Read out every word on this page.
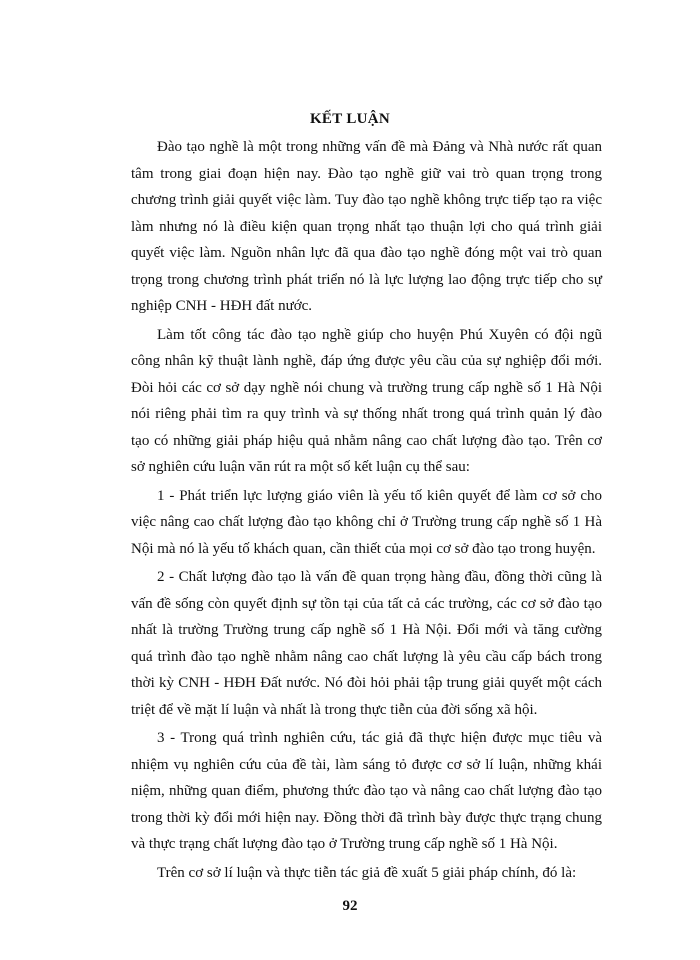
KẾT LUẬN

Đào tạo nghề là một trong những vấn đề mà Đảng và Nhà nước rất quan tâm trong giai đoạn hiện nay. Đào tạo nghề giữ vai trò quan trọng trong chương trình giải quyết việc làm. Tuy đào tạo nghề không trực tiếp tạo ra việc làm nhưng nó là điều kiện quan trọng nhất tạo thuận lợi cho quá trình giải quyết việc làm. Nguồn nhân lực đã qua đào tạo nghề đóng một vai trò quan trọng trong chương trình phát triển nó là lực lượng lao động trực tiếp cho sự nghiệp CNH - HĐH đất nước.

Làm tốt công tác đào tạo nghề giúp cho huyện Phú Xuyên có đội ngũ công nhân kỹ thuật lành nghề, đáp ứng được yêu cầu của sự nghiệp đổi mới. Đòi hỏi các cơ sở dạy nghề nói chung và trường trung cấp nghề số 1 Hà Nội nói riêng phải tìm ra quy trình và sự thống nhất trong quá trình quản lý đào tạo có những giải pháp hiệu quả nhằm nâng cao chất lượng đào tạo. Trên cơ sở nghiên cứu luận văn rút ra một số kết luận cụ thể sau:

1 - Phát triển lực lượng giáo viên là yếu tố kiên quyết để làm cơ sở cho việc nâng cao chất lượng đào tạo không chỉ ở Trường trung cấp nghề số 1 Hà Nội mà nó là yếu tố khách quan, cần thiết của mọi cơ sở đào tạo trong huyện.

2 - Chất lượng đào tạo là vấn đề quan trọng hàng đầu, đồng thời cũng là vấn đề sống còn quyết định sự tồn tại của tất cả các trường, các cơ sở đào tạo nhất là trường Trường trung cấp nghề số 1 Hà Nội. Đổi mới và tăng cường quá trình đào tạo nghề nhằm nâng cao chất lượng là yêu cầu cấp bách trong thời kỳ CNH - HĐH Đất nước. Nó đòi hỏi phải tập trung giải quyết một cách triệt để về mặt lí luận và nhất là trong thực tiễn của đời sống xã hội.

3 - Trong quá trình nghiên cứu, tác giả đã thực hiện được mục tiêu và nhiệm vụ nghiên cứu của đề tài, làm sáng tỏ được cơ sở lí luận, những khái niệm, những quan điểm, phương thức đào tạo và nâng cao chất lượng đào tạo trong thời kỳ đổi mới hiện nay. Đồng thời đã trình bày được thực trạng chung và thực trạng chất lượng đào tạo ở Trường trung cấp nghề số 1 Hà Nội.

Trên cơ sở lí luận và thực tiễn tác giả đề xuất 5 giải pháp chính, đó là:

92
